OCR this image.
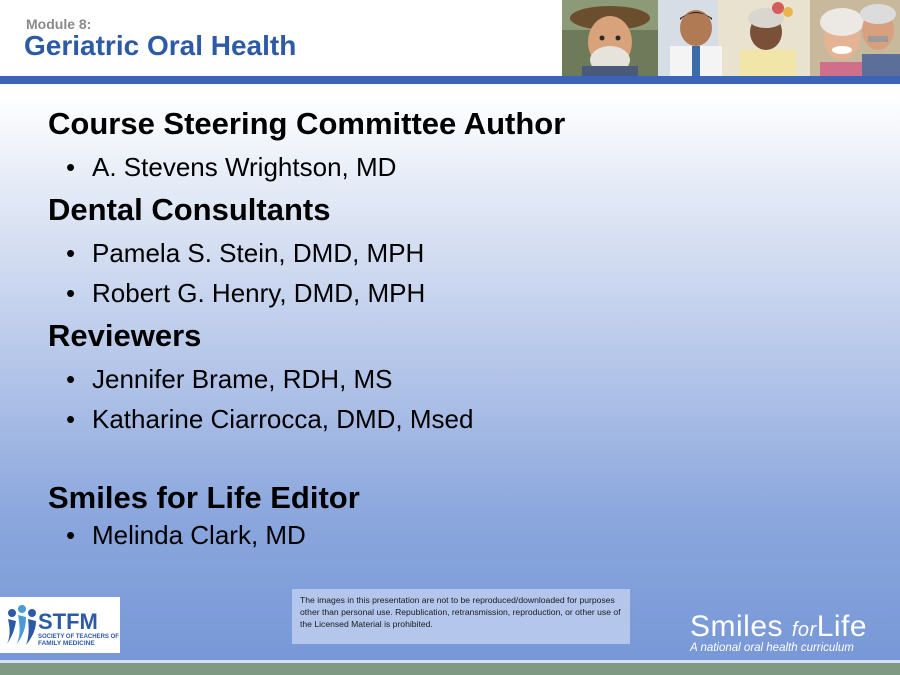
Module 8:
Geriatric Oral Health
Course Steering Committee Author
• A. Stevens Wrightson, MD
Dental Consultants
• Pamela S. Stein, DMD, MPH
• Robert G. Henry, DMD, MPH
Reviewers
• Jennifer Brame, RDH, MS
• Katharine Ciarrocca, DMD, Msed
Smiles for Life Editor
• Melinda Clark, MD
STFM
SOCIETY OF TEACHERS OF
FAMILY MEDICINE
The images in this presentation are not to be reproduced/downloaded for purposes other than personal use. Republication, retransmission, reproduction, or other use of the Licensed Material is prohibited.	Smiles forLife
A national oral health curriculum
